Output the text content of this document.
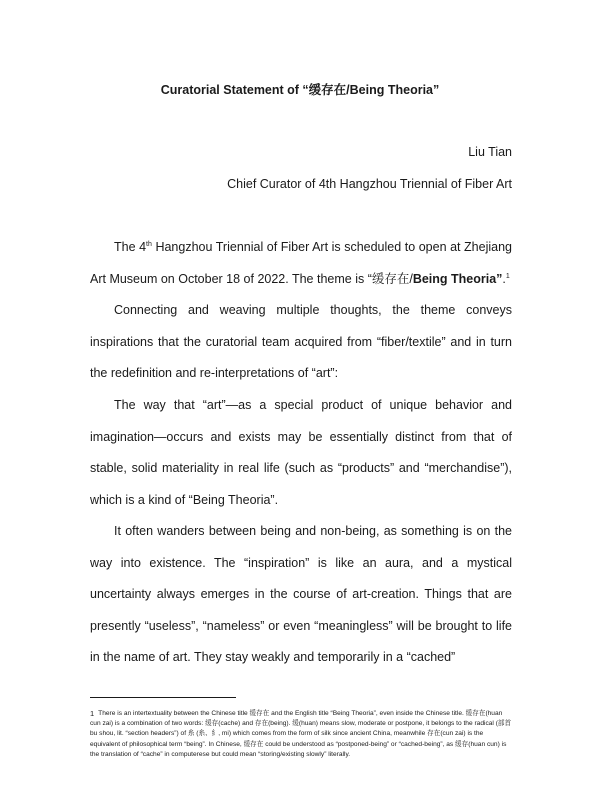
Curatorial Statement of “缓存在/Being Theoria”
Liu Tian
Chief Curator of 4th Hangzhou Triennial of Fiber Art

The 4th Hangzhou Triennial of Fiber Art is scheduled to open at Zhejiang Art Museum on October 18 of 2022. The theme is “缓存在/Being Theoria”.$^1$

Connecting and weaving multiple thoughts, the theme conveys inspirations that the curatorial team acquired from “fiber/textile” and in turn the redefinition and re-interpretations of “art”:

The way that “art”—as a special product of unique behavior and imagination—occurs and exists may be essentially distinct from that of stable, solid materiality in real life (such as “products” and “merchandise”), which is a kind of “Being Theoria”.

It often wanders between being and non-being, as something is on the way into existence. The “inspiration” is like an aura, and a mystical uncertainty always emerges in the course of art-creation. Things that are presently “useless”, “nameless” or even “meaningless” will be brought to life in the name of art. They stay weakly and temporarily in a “cached”

1 There is an intertextuality between the Chinese title 缓存在 and the English title “Being Theoria”, even inside the Chinese title. 缓存在(huan cun zai) is a combination of two words: 缓存(cache) and 存在(being). 缓(huan) means slow, moderate or postpone, it belongs to the radical (部首 bu shou, lit. “section headers”) of 糸 (糸、糹, mi) which comes from the form of silk since ancient China, meanwhile 存在(cun zai) is the equivalent of philosophical term “being”. In Chinese, 缓存在 could be understood as “postponed-being” or “cached-being”, as 缓存(huan cun) is the translation of “cache” in computerese but could mean “storing/existing slowly” literally.
